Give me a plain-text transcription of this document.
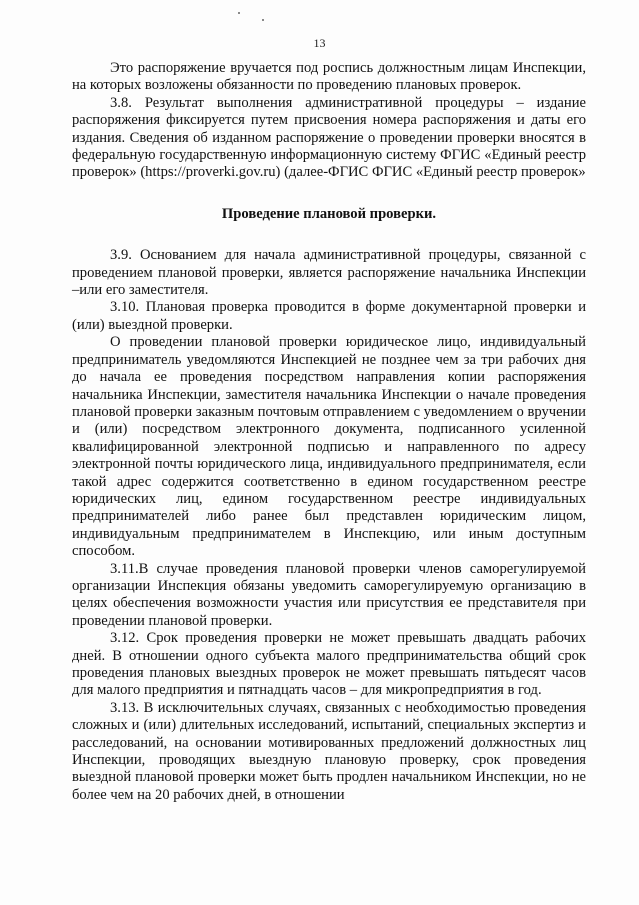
13

Это распоряжение вручается под роспись должностным лицам Инспекции, на которых возложены обязанности по проведению плановых проверок.

3.8. Результат выполнения административной процедуры – издание распоряжения фиксируется путем присвоения номера распоряжения и даты его издания. Сведения об изданном распоряжение о проведении проверки вносятся в федеральную государственную информационную систему ФГИС «Единый реестр проверок» (https://proverki.gov.ru) (далее-ФГИС ФГИС «Единый реестр проверок»

Проведение плановой проверки.

3.9. Основанием для начала административной процедуры, связанной с проведением плановой проверки, является распоряжение начальника Инспекции –или его заместителя.

3.10. Плановая проверка проводится в форме документарной проверки и (или) выездной проверки.

О проведении плановой проверки юридическое лицо, индивидуальный предприниматель уведомляются Инспекцией не позднее чем за три рабочих дня до начала ее проведения посредством направления копии распоряжения начальника Инспекции, заместителя начальника Инспекции о начале проведения плановой проверки заказным почтовым отправлением с уведомлением о вручении и (или) посредством электронного документа, подписанного усиленной квалифицированной электронной подписью и направленного по адресу электронной почты юридического лица, индивидуального предпринимателя, если такой адрес содержится соответственно в едином государственном реестре юридических лиц, едином государственном реестре индивидуальных предпринимателей либо ранее был представлен юридическим лицом, индивидуальным предпринимателем в Инспекцию, или иным доступным способом.

3.11.В случае проведения плановой проверки членов саморегулируемой организации Инспекция обязаны уведомить саморегулируемую организацию в целях обеспечения возможности участия или присутствия ее представителя при проведении плановой проверки.

3.12. Срок проведения проверки не может превышать двадцать рабочих дней. В отношении одного субъекта малого предпринимательства общий срок проведения плановых выездных проверок не может превышать пятьдесят часов для малого предприятия и пятнадцать часов – для микропредприятия в год.

3.13. В исключительных случаях, связанных с необходимостью проведения сложных и (или) длительных исследований, испытаний, специальных экспертиз и расследований, на основании мотивированных предложений должностных лиц Инспекции, проводящих выездную плановую проверку, срок проведения выездной плановой проверки может быть продлен начальником Инспекции, но не более чем на 20 рабочих дней, в отношении
